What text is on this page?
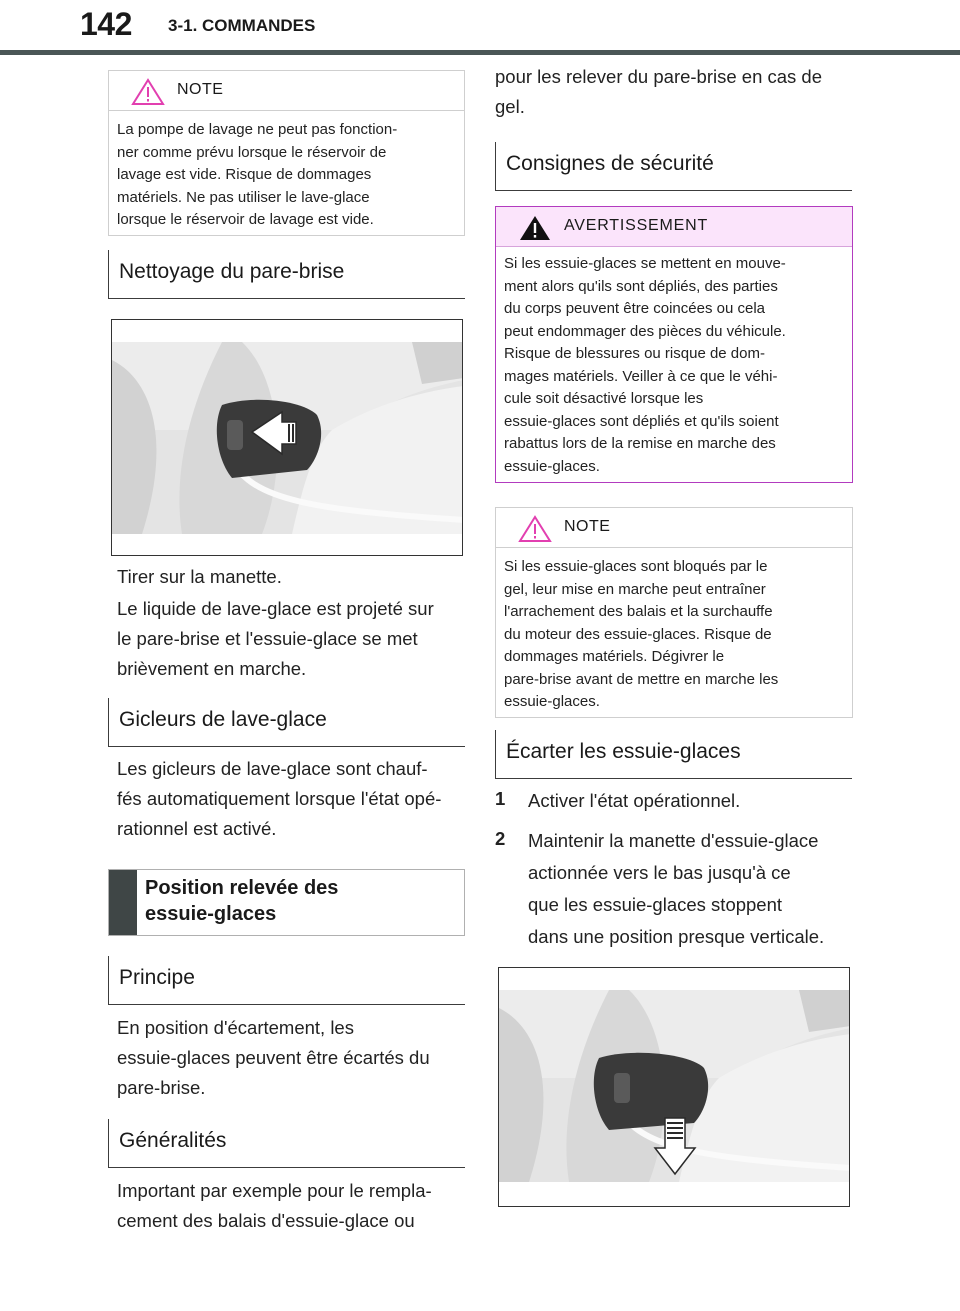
142 3-1. COMMANDES
NOTE
La pompe de lavage ne peut pas fonction-
ner comme prévu lorsque le réservoir de
lavage est vide. Risque de dommages
matériels. Ne pas utiliser le lave-glace
lorsque le réservoir de lavage est vide.
Nettoyage du pare-brise
Tirer sur la manette.
Le liquide de lave-glace est projeté sur
le pare-brise et l'essuie-glace se met
brièvement en marche.
Gicleurs de lave-glace
Les gicleurs de lave-glace sont chauf-
fés automatiquement lorsque l'état opé-
rationnel est activé.
Position relevée des
essuie-glaces
Principe
En position d'écartement, les
essuie-glaces peuvent être écartés du
pare-brise.
Généralités
Important par exemple pour le rempla-
cement des balais d'essuie-glace ou
pour les relever du pare-brise en cas de
gel.
Consignes de sécurité
AVERTISSEMENT
Si les essuie-glaces se mettent en mouve-
ment alors qu'ils sont dépliés, des parties
du corps peuvent être coincées ou cela
peut endommager des pièces du véhicule.
Risque de blessures ou risque de dom-
mages matériels. Veiller à ce que le véhi-
cule soit désactivé lorsque les
essuie-glaces sont dépliés et qu'ils soient
rabattus lors de la remise en marche des
essuie-glaces.
NOTE
Si les essuie-glaces sont bloqués par le
gel, leur mise en marche peut entraîner
l'arrachement des balais et la surchauffe
du moteur des essuie-glaces. Risque de
dommages matériels. Dégivrer le
pare-brise avant de mettre en marche les
essuie-glaces.
Écarter les essuie-glaces
1 Activer l'état opérationnel.
2 Maintenir la manette d'essuie-glace
actionnée vers le bas jusqu'à ce
que les essuie-glaces stoppent
dans une position presque verticale.
